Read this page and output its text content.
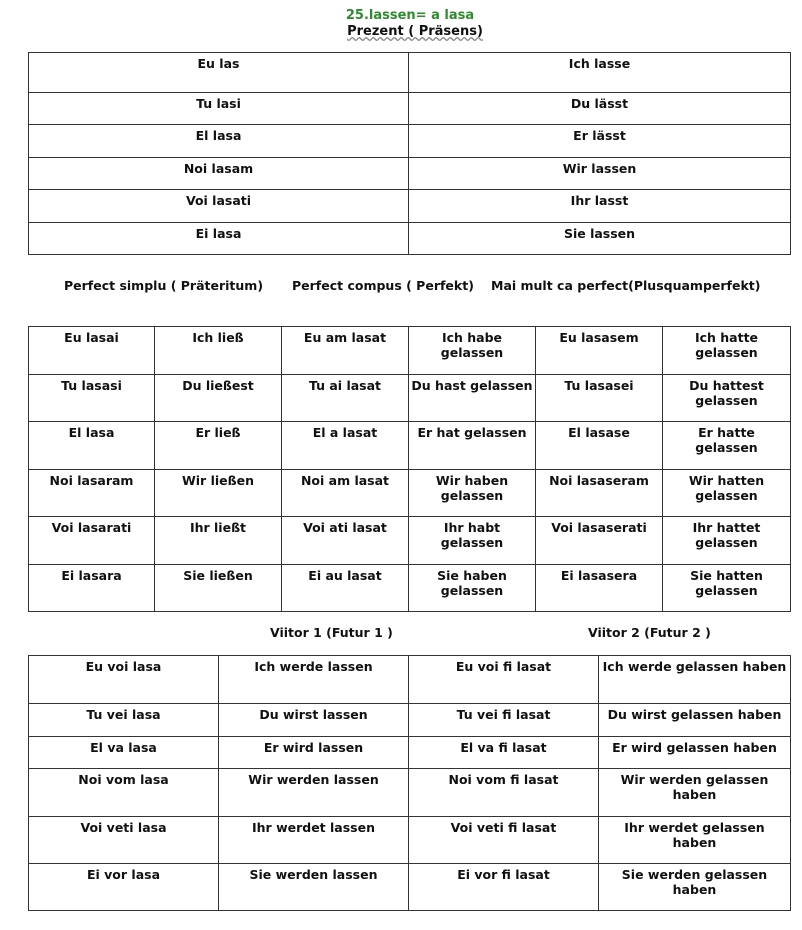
25.lassen= a lasa
Prezent ( Präsens)
Eu las	Ich lasse
Tu lasi	Du lässt
El lasa	Er lässt
Noi lasam	Wir lassen
Voi lasati	Ihr lasst
Ei lasa	Sie lassen
Perfect simplu ( Präteritum) Perfect compus ( Perfekt) Mai mult ca perfect(Plusquamperfekt)
Eu lasai	Ich ließ	Eu am lasat	Ich habe gelassen	Eu lasasem	Ich hatte gelassen
Tu lasasi	Du ließest	Tu ai lasat	Du hast gelassen	Tu lasasei	Du hattest gelassen
El lasa	Er ließ	El a lasat	Er hat gelassen	El lasase	Er hatte gelassen
Noi lasaram	Wir ließen	Noi am lasat	Wir haben gelassen	Noi lasaseram	Wir hatten gelassen
Voi lasarati	Ihr ließt	Voi ati lasat	Ihr habt gelassen	Voi lasaserati	Ihr hattet gelassen
Ei lasara	Sie ließen	Ei au lasat	Sie haben gelassen	Ei lasasera	Sie hatten gelassen
Viitor 1 (Futur 1 )	Viitor 2 (Futur 2 )
Eu voi lasa	Ich werde lassen	Eu voi fi lasat	Ich werde gelassen haben
Tu vei lasa	Du wirst lassen	Tu vei fi lasat	Du wirst gelassen haben
El va lasa	Er wird lassen	El va fi lasat	Er wird gelassen haben
Noi vom lasa	Wir werden lassen	Noi vom fi lasat	Wir werden gelassen haben
Voi veti lasa	Ihr werdet lassen	Voi veti fi lasat	Ihr werdet gelassen haben
Ei vor lasa	Sie werden lassen	Ei vor fi lasat	Sie werden gelassen haben
